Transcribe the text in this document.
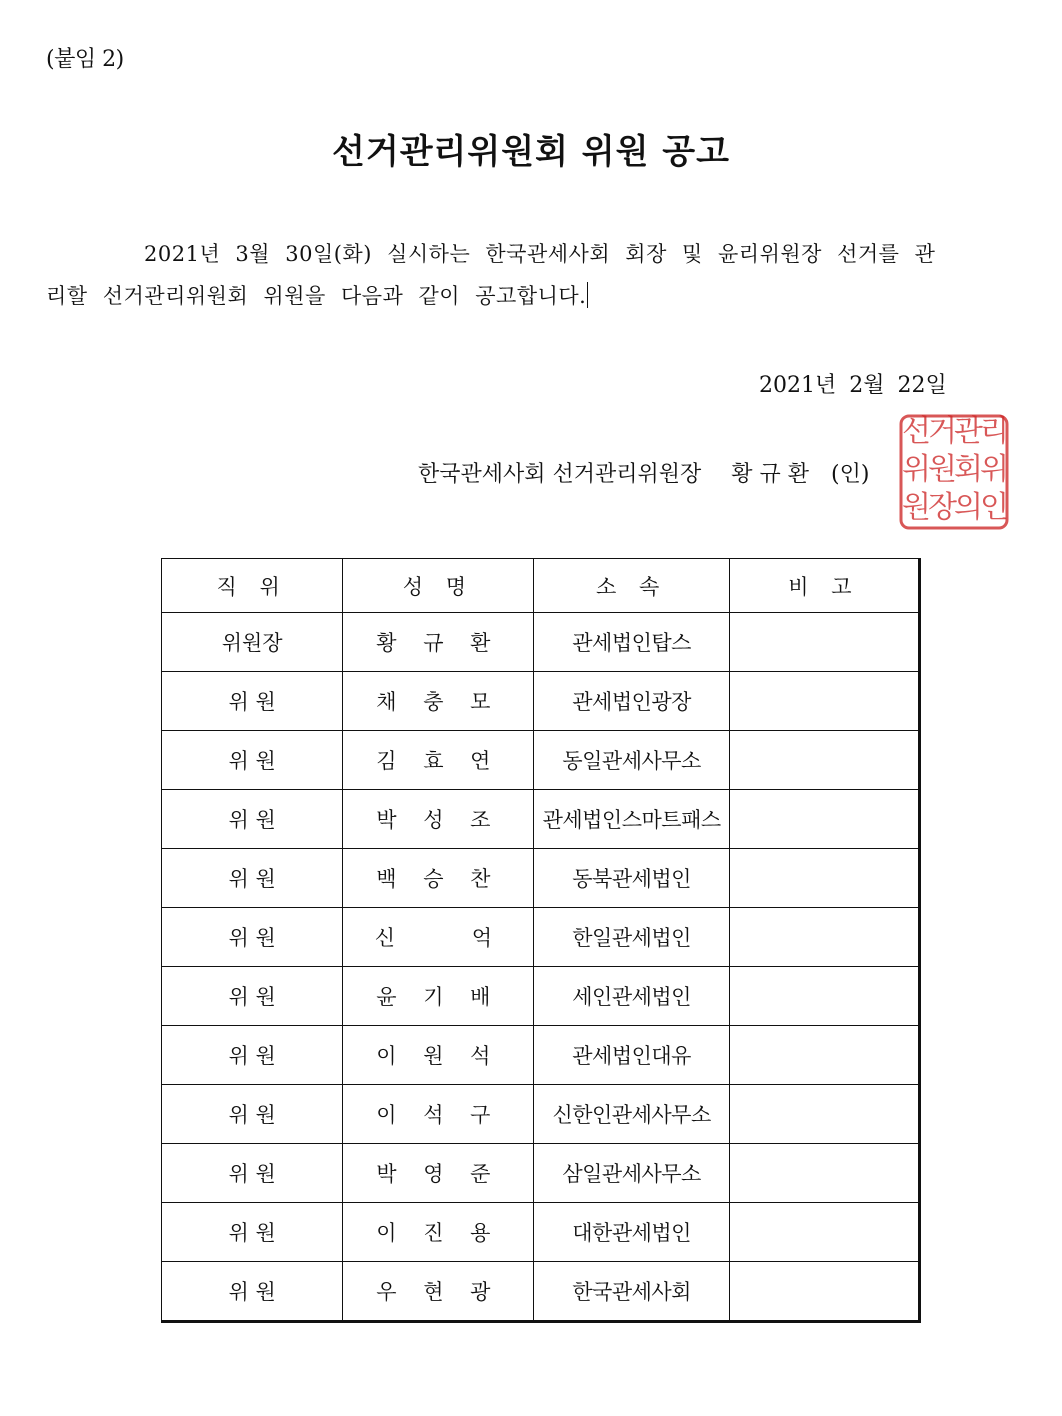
(붙임 2)
선거관리위원회 위원 공고
2021년 3월 30일(화) 실시하는 한국관세사회 회장 및 윤리위원장 선거를 관
리할 선거관리위원회 위원을 다음과 같이 공고합니다.
2021년 2월 22일
한국관세사회 선거관리위원장 황 규 환 (인)
선거관리위원회위원장의인
직 위	성 명	소 속	비 고
위원장	황 규 환	관세법인탑스	
위 원	채 충 모	관세법인광장	
위 원	김 효 연	동일관세사무소	
위 원	박 성 조	관세법인스마트패스	
위 원	백 승 찬	동북관세법인	
위 원	신    억	한일관세법인	
위 원	윤 기 배	세인관세법인	
위 원	이 원 석	관세법인대유	
위 원	이 석 구	신한인관세사무소	
위 원	박 영 준	삼일관세사무소	
위 원	이 진 용	대한관세법인	
위 원	우 현 광	한국관세사회	
